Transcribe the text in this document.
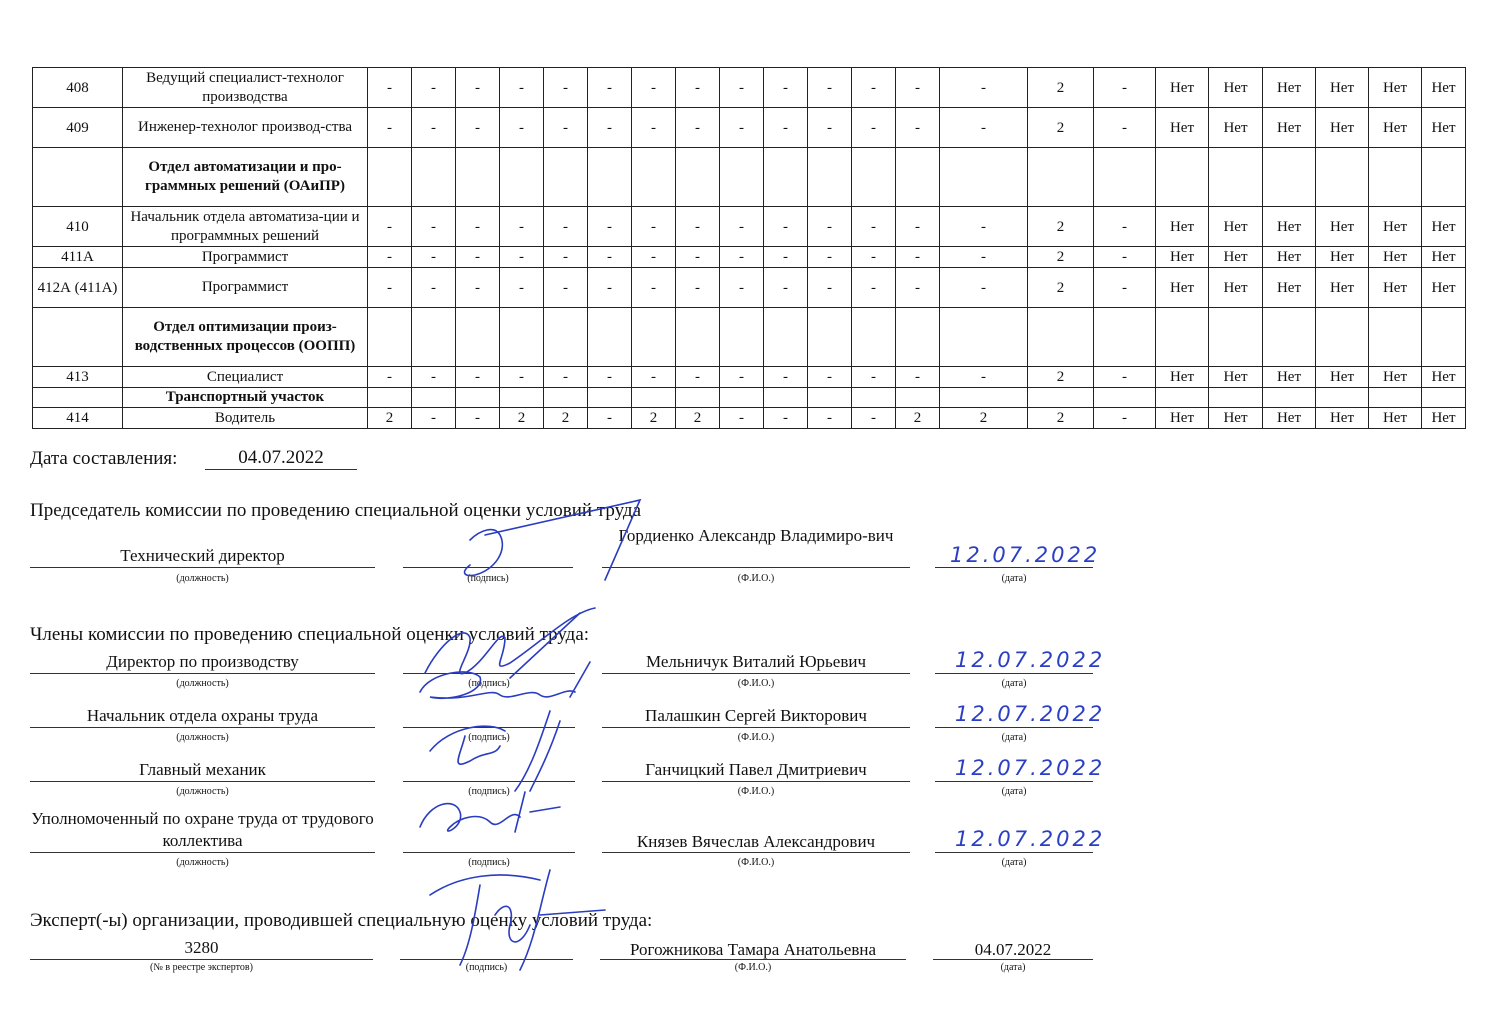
408	Ведущий специалист-технолог производства	-	-	-	-	-	-	-	-	-	-	-	-	-	-	2	-	Нет	Нет	Нет	Нет	Нет	Нет
409	Инженер-технолог производ-ства	-	-	-	-	-	-	-	-	-	-	-	-	-	-	2	-	Нет	Нет	Нет	Нет	Нет	Нет
	Отдел автоматизации и про-граммных решений (ОАиПР)																						
410	Начальник отдела автоматиза-ции и программных решений	-	-	-	-	-	-	-	-	-	-	-	-	-	-	2	-	Нет	Нет	Нет	Нет	Нет	Нет
411А	Программист	-	-	-	-	-	-	-	-	-	-	-	-	-	-	2	-	Нет	Нет	Нет	Нет	Нет	Нет
412А (411А)	Программист	-	-	-	-	-	-	-	-	-	-	-	-	-	-	2	-	Нет	Нет	Нет	Нет	Нет	Нет
	Отдел оптимизации произ-водственных процессов (ООПП)																						
413	Специалист	-	-	-	-	-	-	-	-	-	-	-	-	-	-	2	-	Нет	Нет	Нет	Нет	Нет	Нет
	Транспортный участок																						
414	Водитель	2	-	-	2	2	-	2	2	-	-	-	-	2	2	2	-	Нет	Нет	Нет	Нет	Нет	Нет
Дата составления:	04.07.2022
Председатель комиссии по проведению специальной оценки условий труда
Технический директор
(должность)	(подпись)
Гордиенко Александр Владимиро-вич
(Ф.И.О.)
12.07.2022
(дата)
Члены комиссии по проведению специальной оценки условий труда:
Директор по производству
(должность)	(подпись)
Мельничук Виталий Юрьевич
(Ф.И.О.)
12.07.2022
(дата)
Начальник отдела охраны труда
(должность)	(подпись)
Палашкин Сергей Викторович
(Ф.И.О.)
12.07.2022
(дата)
Главный механик
(должность)	(подпись)
Ганчицкий Павел Дмитриевич
(Ф.И.О.)
12.07.2022
(дата)
Уполномоченный по охране труда от трудового коллектива
(должность)	(подпись)
Князев Вячеслав Александрович
(Ф.И.О.)
12.07.2022
(дата)
Эксперт(-ы) организации, проводившей специальную оценку условий труда:
3280
(№ в реестре экспертов)	(подпись)
Рогожникова Тамара Анатольевна
(Ф.И.О.)
04.07.2022
(дата)
